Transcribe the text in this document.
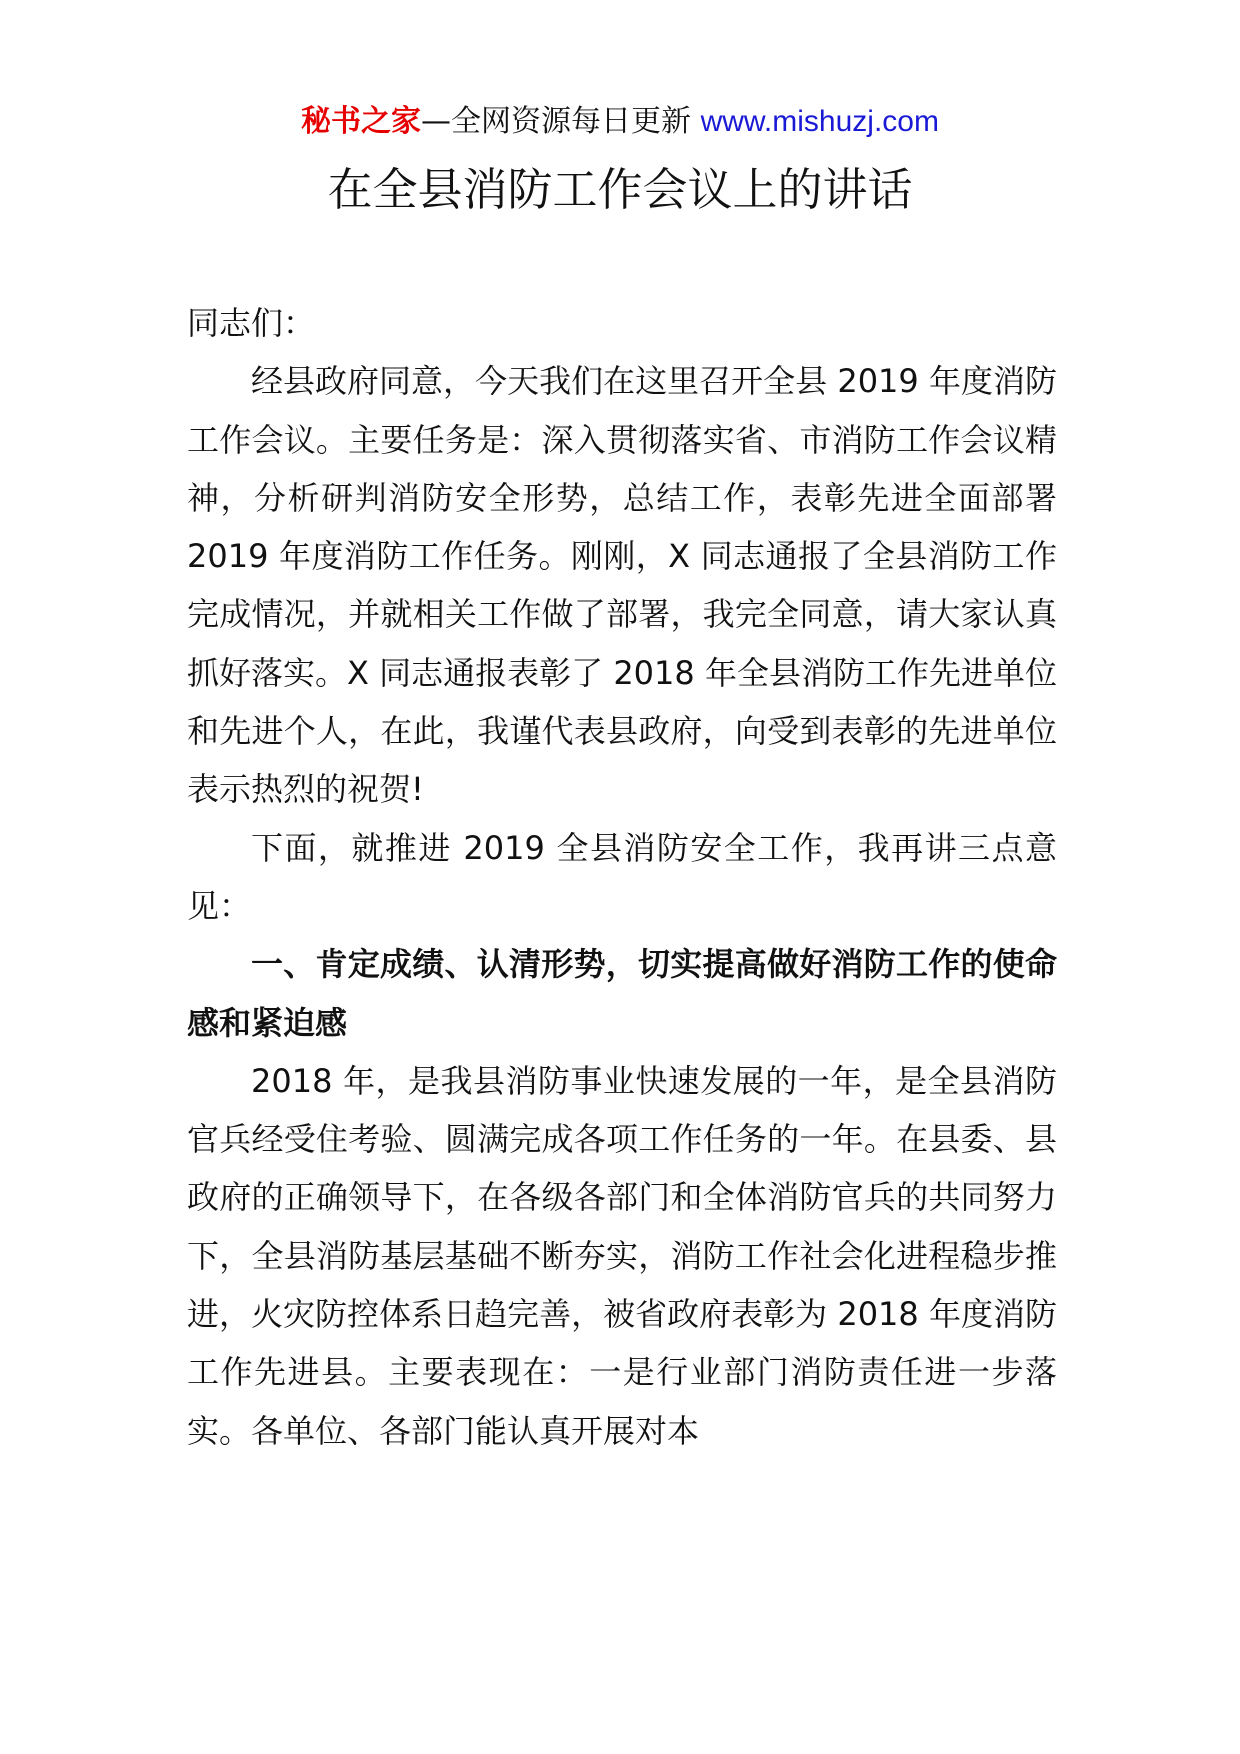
秘书之家—全网资源每日更新 www.mishuzj.com
在全县消防工作会议上的讲话

同志们：

经县政府同意，今天我们在这里召开全县 2019 年度消防工作会议。主要任务是：深入贯彻落实省、市消防工作会议精神，分析研判消防安全形势，总结工作，表彰先进全面部署 2019 年度消防工作任务。刚刚，X 同志通报了全县消防工作完成情况，并就相关工作做了部署，我完全同意，请大家认真抓好落实。X 同志通报表彰了 2018 年全县消防工作先进单位和先进个人，在此，我谨代表县政府，向受到表彰的先进单位表示热烈的祝贺!

下面，就推进 2019 全县消防安全工作，我再讲三点意见：

一、肯定成绩、认清形势，切实提高做好消防工作的使命感和紧迫感

2018 年，是我县消防事业快速发展的一年，是全县消防官兵经受住考验、圆满完成各项工作任务的一年。在县委、县政府的正确领导下，在各级各部门和全体消防官兵的共同努力下，全县消防基层基础不断夯实，消防工作社会化进程稳步推进，火灾防控体系日趋完善，被省政府表彰为 2018 年度消防工作先进县。主要表现在：一是行业部门消防责任进一步落实。各单位、各部门能认真开展对本
